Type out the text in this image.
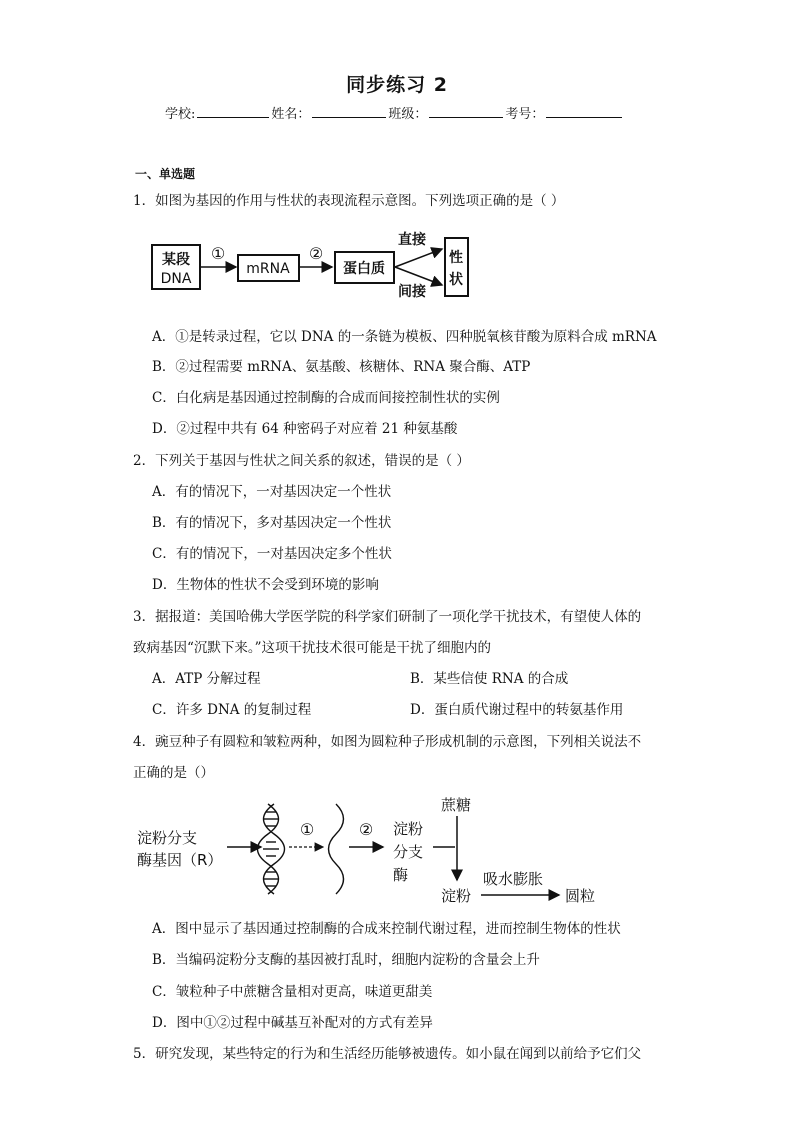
同步练习 2
学校:	姓名：	班级：	考号：
一、单选题
1．如图为基因的作用与性状的表现流程示意图。下列选项正确的是（ ）
某段
DNA
①
mRNA
②
蛋白质
直接
间接
性
状
A．①是转录过程，它以 DNA 的一条链为模板、四种脱氧核苷酸为原料合成 mRNA
B．②过程需要 mRNA、氨基酸、核糖体、RNA 聚合酶、ATP
C．白化病是基因通过控制酶的合成而间接控制性状的实例
D．②过程中共有 64 种密码子对应着 21 种氨基酸
2．下列关于基因与性状之间关系的叙述，错误的是（ ）
A．有的情况下，一对基因决定一个性状
B．有的情况下，多对基因决定一个性状
C．有的情况下，一对基因决定多个性状
D．生物体的性状不会受到环境的影响
3．据报道：美国哈佛大学医学院的科学家们研制了一项化学干扰技术，有望使人体的
致病基因“沉默下来。”这项干扰技术很可能是干扰了细胞内的
A．ATP 分解过程	B．某些信使 RNA 的合成
C．许多 DNA 的复制过程	D．蛋白质代谢过程中的转氨基作用
4．豌豆种子有圆粒和皱粒两种，如图为圆粒种子形成机制的示意图，下列相关说法不
正确的是（）
淀粉分支
酶基因（R）
①	② 淀粉
分支
酶
蔗糖
淀粉
吸水膨胀
圆粒
A．图中显示了基因通过控制酶的合成来控制代谢过程，进而控制生物体的性状
B．当编码淀粉分支酶的基因被打乱时，细胞内淀粉的含量会上升
C．皱粒种子中蔗糖含量相对更高，味道更甜美
D．图中①②过程中碱基互补配对的方式有差异
5．研究发现，某些特定的行为和生活经历能够被遗传。如小鼠在闻到以前给予它们父
